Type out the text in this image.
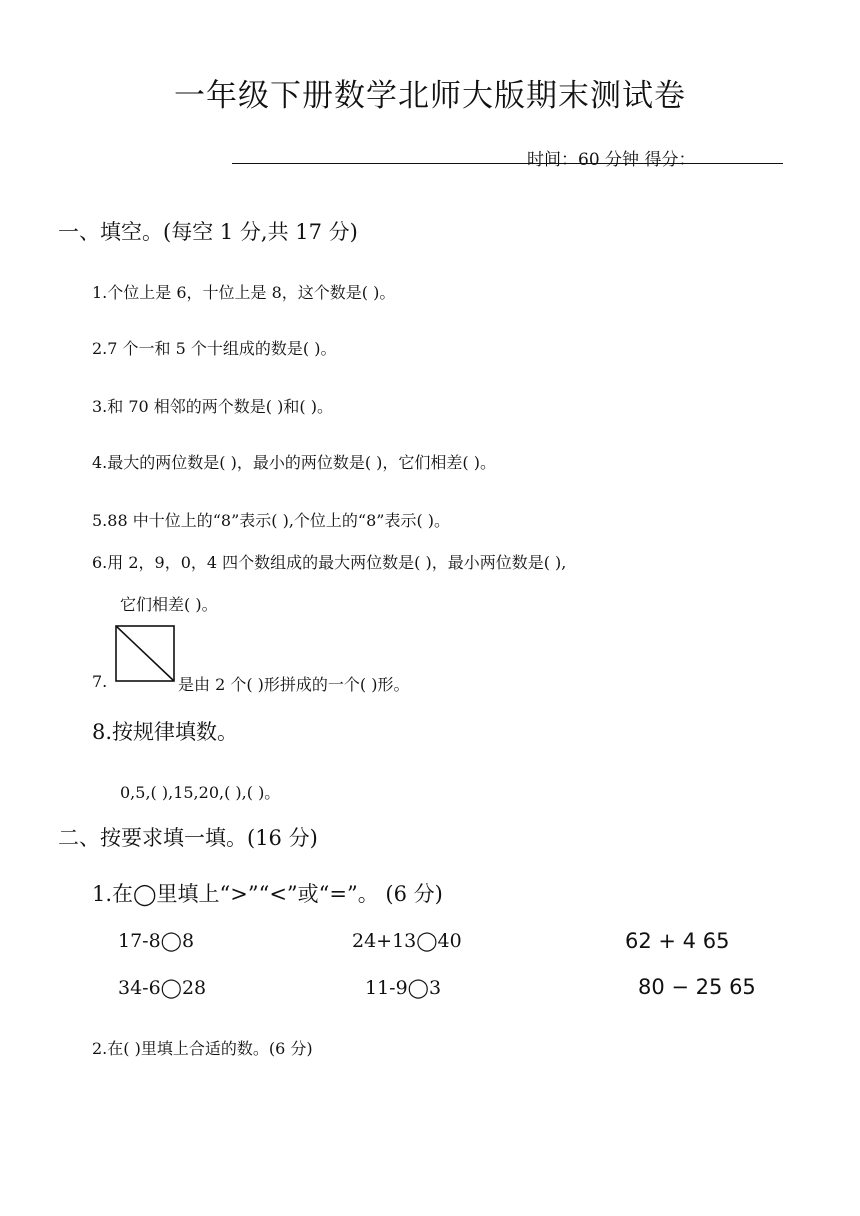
一年级下册数学北师大版期末测试卷
时间：60 分钟 得分：
一、填空。(每空 1 分,共 17 分)
1.个位上是 6，十位上是 8，这个数是( )。
2.7 个一和 5 个十组成的数是( )。
3.和 70 相邻的两个数是( )和( )。
4.最大的两位数是( )，最小的两位数是( )，它们相差( )。
5.88 中十位上的“8”表示( ),个位上的“8”表示( )。
6.用 2，9，0，4 四个数组成的最大两位数是( )，最小两位数是( ),
它们相差( )。
7.	是由 2 个( )形拼成的一个( )形。
8.按规律填数。
0,5,( ),15,20,( ),( )。
二、按要求填一填。(16 分)
1.在◯里填上“>”“<”或“=”。 (6 分)
17-8◯8	24+13◯40	62 + 4 65
34-6◯28	11-9◯3	80 − 25 65
2.在( )里填上合适的数。(6 分)
